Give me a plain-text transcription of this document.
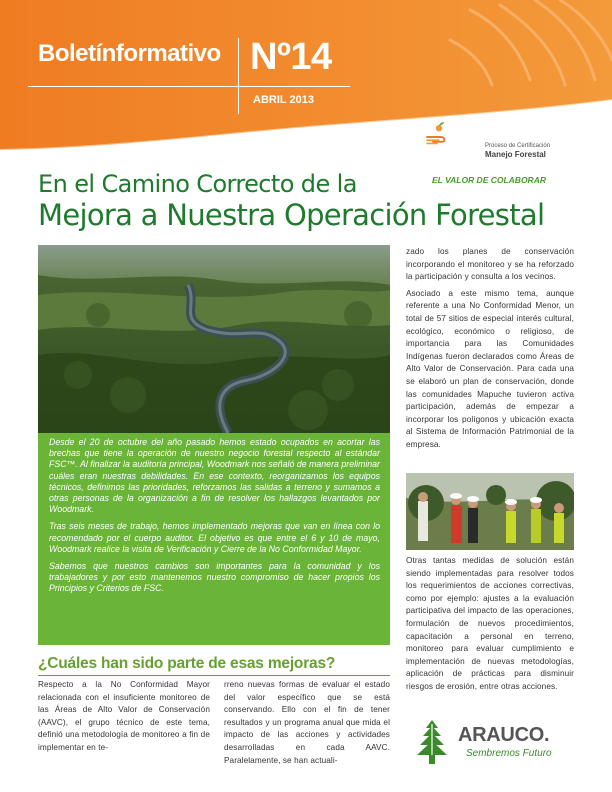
Boletínformativo Nº14
ABRIL 2013
Proceso de Certificación
Manejo Forestal
EL VALOR DE COLABORAR
En el Camino Correcto de la
Mejora a Nuestra Operación Forestal

Desde el 20 de octubre del año pasado hemos estado ocupados en acortar las brechas que tiene la operación de nuestro negocio forestal respecto al estándar FSC™. Al finalizar la auditoría principal, Woodmark nos señaló de manera preliminar cuáles eran nuestras debilidades. En ese contexto, reorganizamos los equipos técnicos, definimos las prioridades, reforzamos las salidas a terreno y sumamos a otras personas de la organización a fin de resolver los hallazgos levantados por Woodmark.

Tras seis meses de trabajo, hemos implementado mejoras que van en línea con lo recomendado por el cuerpo auditor. El objetivo es que entre el 6 y 10 de mayo, Woodmark realice la visita de Verificación y Cierre de la No Conformidad Mayor.

Sabemos que nuestros cambios son importantes para la comunidad y los trabajadores y por esto mantenemos nuestro compromiso de hacer propios los Principios y Criterios de FSC.

¿Cuáles han sido parte de esas mejoras?
Respecto a la No Conformidad Mayor relacionada con el insuficiente monitoreo de las Áreas de Alto Valor de Conservación (AAVC), el grupo técnico de este tema, definió una metodología de monitoreo a fin de implementar en te-
rreno nuevas formas de evaluar el estado del valor específico que se está conservando. Ello con el fin de tener resultados y un programa anual que mida el impacto de las acciones y actividades desarrolladas en cada AAVC. Paralelamente, se han actuali-

zado los planes de conservación incorporando el monitoreo y se ha reforzado la participación y consulta a los vecinos.

Asociado a este mismo tema, aunque referente a una No Conformidad Menor, un total de 57 sitios de especial interés cultural, ecológico, económico o religioso, de importancia para las Comunidades Indígenas fueron declarados como Áreas de Alto Valor de Conservación. Para cada una se elaboró un plan de conservación, donde las comunidades Mapuche tuvieron activa participación, además de empezar a incorporar los polígonos y ubicación exacta al Sistema de Información Patrimonial de la empresa.

Otras tantas medidas de solución están siendo implementadas para resolver todos los requerimientos de acciones correctivas, como por ejemplo: ajustes a la evaluación participativa del impacto de las operaciones, formulación de nuevos procedimientos, capacitación a personal en terreno, monitoreo para evaluar cumplimiento e implementación de nuevas metodologías, aplicación de prácticas para disminuir riesgos de erosión, entre otras acciones.

ARAUCO.
Sembremos Futuro
